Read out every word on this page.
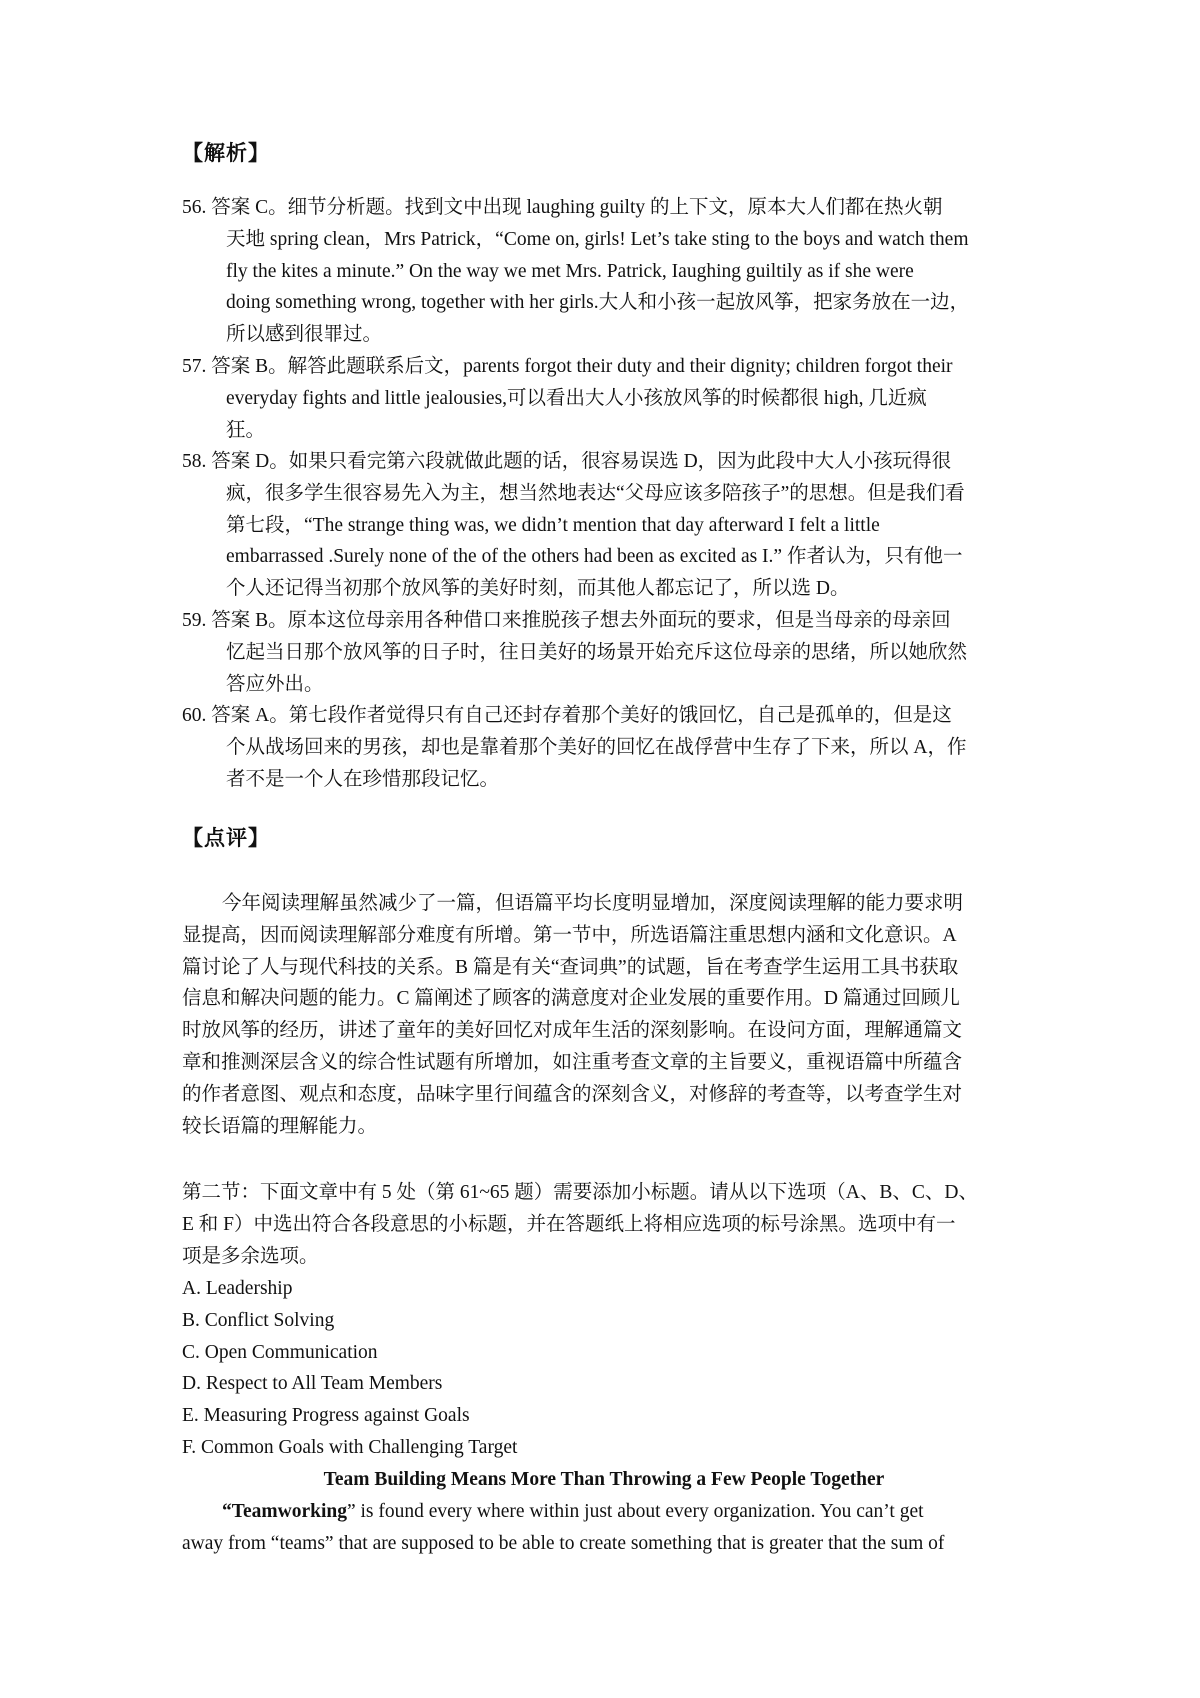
【解析】
56. 答案 C。细节分析题。找到文中出现 laughing guilty 的上下文，原本大人们都在热火朝
天地 spring clean，Mrs Patrick，“Come on, girls! Let’s take sting to the boys and watch them
fly the kites a minute.” On the way we met Mrs. Patrick, Iaughing guiltily as if she were
doing something wrong, together with her girls.大人和小孩一起放风筝，把家务放在一边，
所以感到很罪过。
57. 答案 B。解答此题联系后文，parents forgot their duty and their dignity; children forgot their
everyday fights and little jealousies,可以看出大人小孩放风筝的时候都很 high, 几近疯
狂。
58. 答案 D。如果只看完第六段就做此题的话，很容易误选 D，因为此段中大人小孩玩得很
疯，很多学生很容易先入为主，想当然地表达“父母应该多陪孩子”的思想。但是我们看
第七段，“The strange thing was, we didn’t mention that day afterward I felt a little
embarrassed .Surely none of the of the others had been as excited as I.” 作者认为，只有他一
个人还记得当初那个放风筝的美好时刻，而其他人都忘记了，所以选 D。
59. 答案 B。原本这位母亲用各种借口来推脱孩子想去外面玩的要求，但是当母亲的母亲回
忆起当日那个放风筝的日子时，往日美好的场景开始充斥这位母亲的思绪，所以她欣然
答应外出。
60. 答案 A。第七段作者觉得只有自己还封存着那个美好的饿回忆，自己是孤单的，但是这
个从战场回来的男孩，却也是靠着那个美好的回忆在战俘营中生存了下来，所以 A，作
者不是一个人在珍惜那段记忆。
【点评】
今年阅读理解虽然减少了一篇，但语篇平均长度明显增加，深度阅读理解的能力要求明
显提高，因而阅读理解部分难度有所增。第一节中，所选语篇注重思想内涵和文化意识。A
篇讨论了人与现代科技的关系。B 篇是有关“查词典”的试题，旨在考查学生运用工具书获取
信息和解决问题的能力。C 篇阐述了顾客的满意度对企业发展的重要作用。D 篇通过回顾儿
时放风筝的经历，讲述了童年的美好回忆对成年生活的深刻影响。在设问方面，理解通篇文
章和推测深层含义的综合性试题有所增加，如注重考查文章的主旨要义，重视语篇中所蕴含
的作者意图、观点和态度，品味字里行间蕴含的深刻含义，对修辞的考查等，以考查学生对
较长语篇的理解能力。
第二节：下面文章中有 5 处（第 61~65 题）需要添加小标题。请从以下选项（A、B、C、D、
E 和 F）中选出符合各段意思的小标题，并在答题纸上将相应选项的标号涂黑。选项中有一
项是多余选项。
A. Leadership
B. Conflict Solving
C. Open Communication
D. Respect to All Team Members
E. Measuring Progress against Goals
F. Common Goals with Challenging Target
Team Building Means More Than Throwing a Few People Together
“Teamworking” is found every where within just about every organization. You can’t get
away from “teams” that are supposed to be able to create something that is greater that the sum of
